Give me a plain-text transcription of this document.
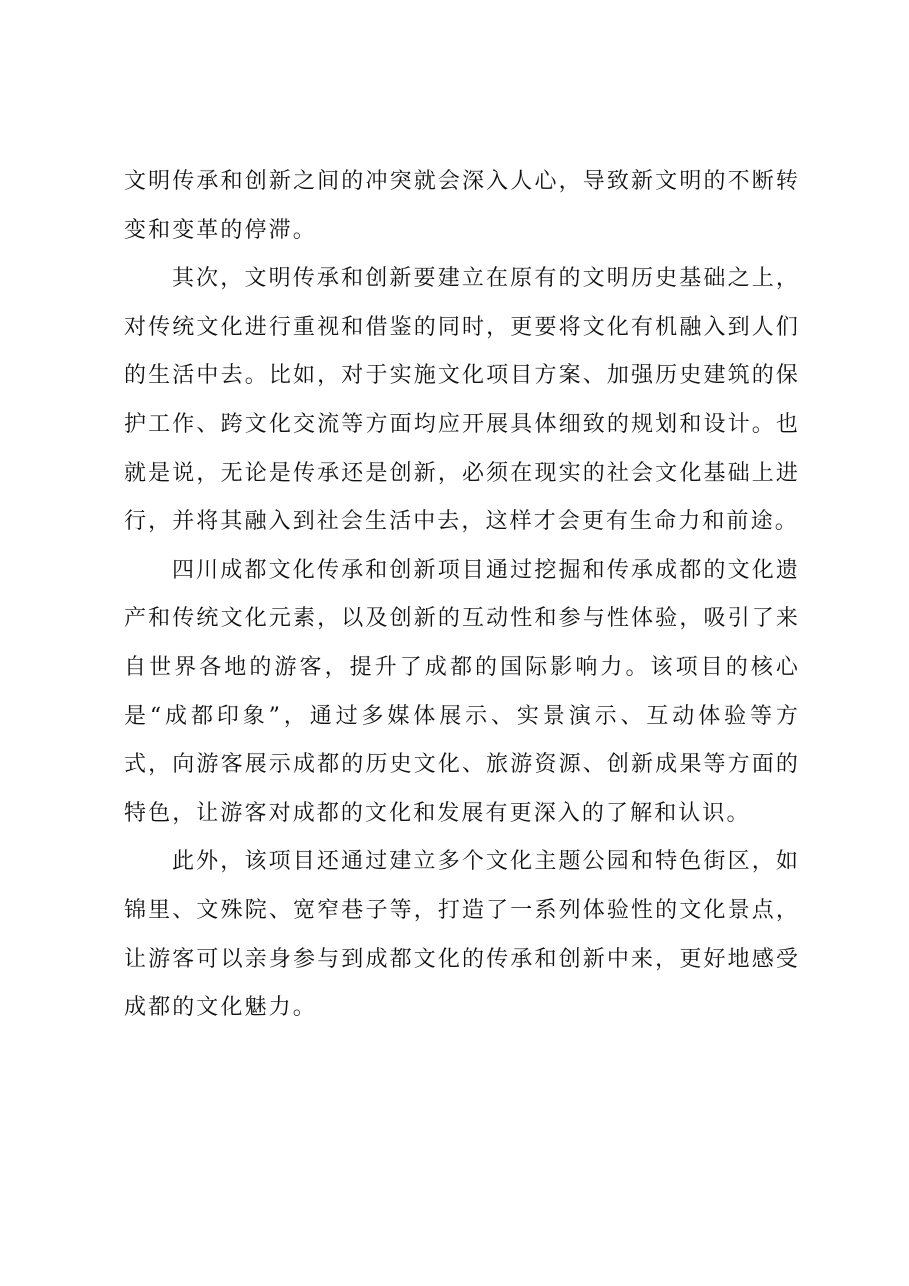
文明传承和创新之间的冲突就会深入人心，导致新文明的不断转变和变革的停滞。

其次，文明传承和创新要建立在原有的文明历史基础之上，对传统文化进行重视和借鉴的同时，更要将文化有机融入到人们的生活中去。比如，对于实施文化项目方案、加强历史建筑的保护工作、跨文化交流等方面均应开展具体细致的规划和设计。也就是说，无论是传承还是创新，必须在现实的社会文化基础上进行，并将其融入到社会生活中去，这样才会更有生命力和前途。

四川成都文化传承和创新项目通过挖掘和传承成都的文化遗产和传统文化元素，以及创新的互动性和参与性体验，吸引了来自世界各地的游客，提升了成都的国际影响力。该项目的核心是“成都印象”，通过多媒体展示、实景演示、互动体验等方式，向游客展示成都的历史文化、旅游资源、创新成果等方面的特色，让游客对成都的文化和发展有更深入的了解和认识。

此外，该项目还通过建立多个文化主题公园和特色街区，如锦里、文殊院、宽窄巷子等，打造了一系列体验性的文化景点，让游客可以亲身参与到成都文化的传承和创新中来，更好地感受成都的文化魅力。
